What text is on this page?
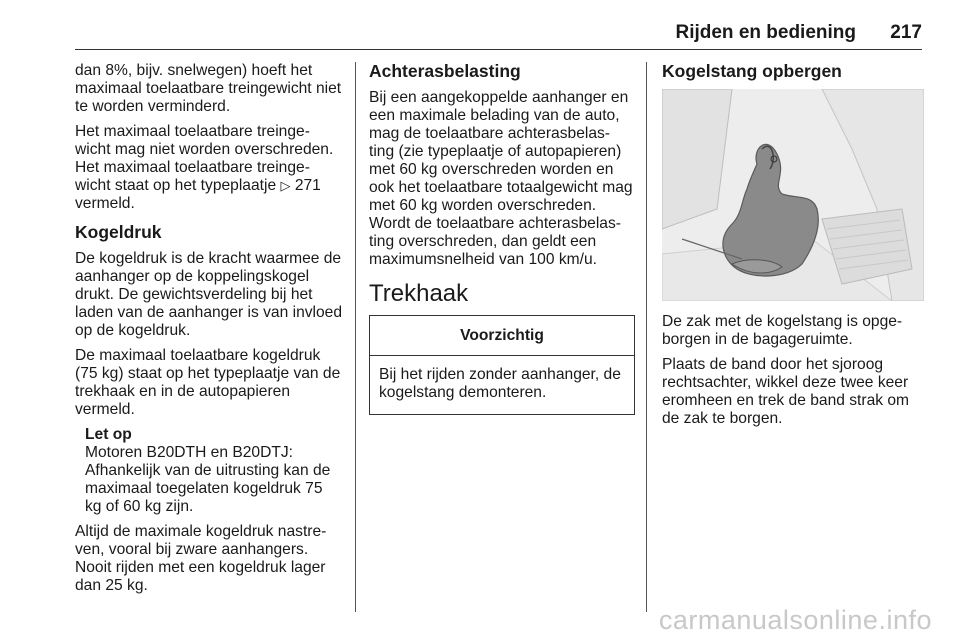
Rijden en bediening 217

dan 8%, bijv. snelwegen) hoeft het maximaal toelaatbare treingewicht niet te worden verminderd.

Het maximaal toelaatbare treinge-wicht mag niet worden overschreden. Het maximaal toelaatbare treinge-wicht staat op het typeplaatje ▷ 271 vermeld.

Kogeldruk

De kogeldruk is de kracht waarmee de aanhanger op de koppelingskogel drukt. De gewichtsverdeling bij het laden van de aanhanger is van invloed op de kogeldruk.

De maximaal toelaatbare kogeldruk (75 kg) staat op het typeplaatje van de trekhaak en in de autopapieren vermeld.

Let op
Motoren B20DTH en B20DTJ: Afhankelijk van de uitrusting kan de maximaal toegelaten kogeldruk 75 kg of 60 kg zijn.

Altijd de maximale kogeldruk nastre-ven, vooral bij zware aanhangers. Nooit rijden met een kogeldruk lager dan 25 kg.

Achterasbelasting

Bij een aangekoppelde aanhanger en een maximale belading van de auto, mag de toelaatbare achterasbelas-ting (zie typeplaatje of autopapieren) met 60 kg overschreden worden en ook het toelaatbare totaalgewicht mag met 60 kg worden overschreden. Wordt de toelaatbare achterasbelas-ting overschreden, dan geldt een maximumsnelheid van 100 km/u.

Trekhaak
Voorzichtig
Bij het rijden zonder aanhanger, de kogelstang demonteren.
Kogelstang opbergen

De zak met de kogelstang is opge-borgen in de bagageruimte.

Plaats de band door het sjoroog rechtsachter, wikkel deze twee keer eromheen en trek de band strak om de zak te borgen.

carmanualsonline.info
